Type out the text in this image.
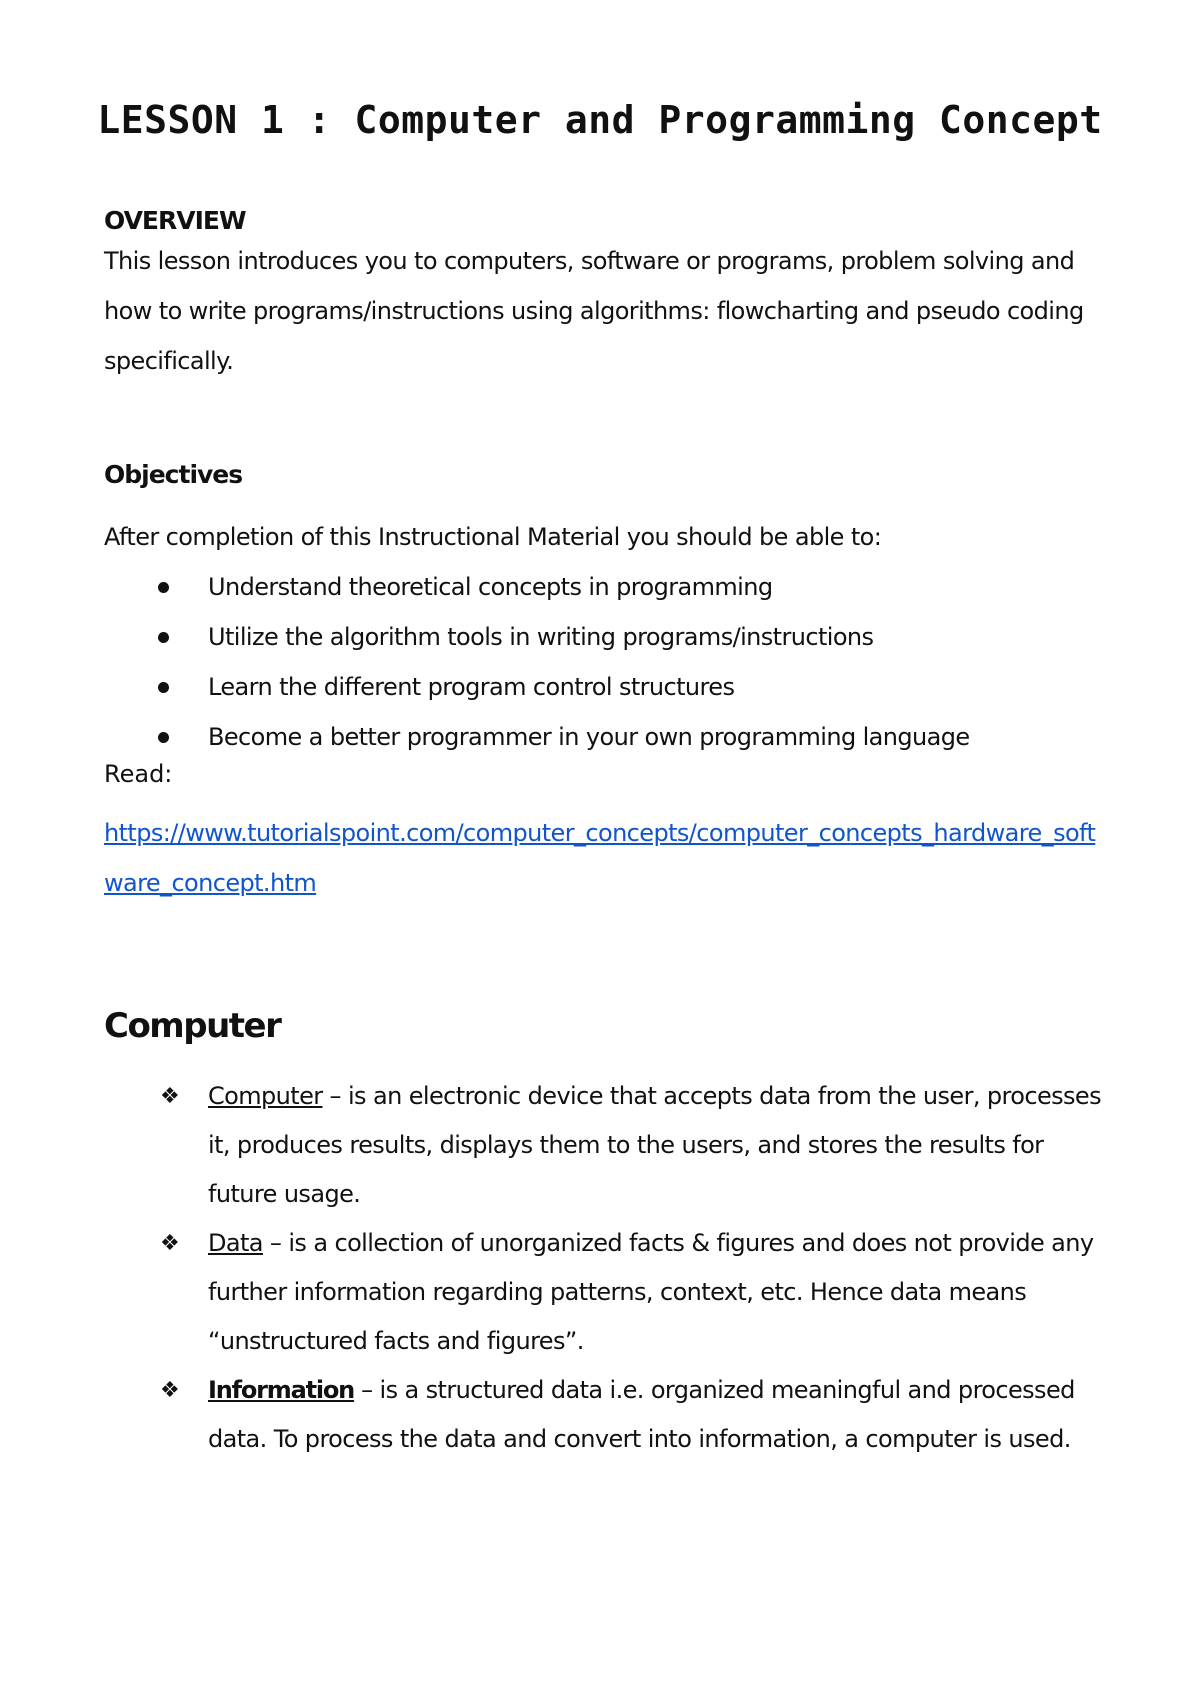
LESSON 1 : Computer and Programming Concept
OVERVIEW

This lesson introduces you to computers, software or programs, problem solving and how to write programs/instructions using algorithms: flowcharting and pseudo coding specifically.

Objectives

After completion of this Instructional Material you should be able to:

Understand theoretical concepts in programming
Utilize the algorithm tools in writing programs/instructions
Learn the different program control structures
Become a better programmer in your own programming language

Read:

https://www.tutorialspoint.com/computer_concepts/computer_concepts_hardware_software_concept.htm
Computer
❖ Computer – is an electronic device that accepts data from the user, processes it, produces results, displays them to the users, and stores the results for future usage.
❖ Data – is a collection of unorganized facts & figures and does not provide any further information regarding patterns, context, etc. Hence data means “unstructured facts and figures”.
❖ Information – is a structured data i.e. organized meaningful and processed data. To process the data and convert into information, a computer is used.
